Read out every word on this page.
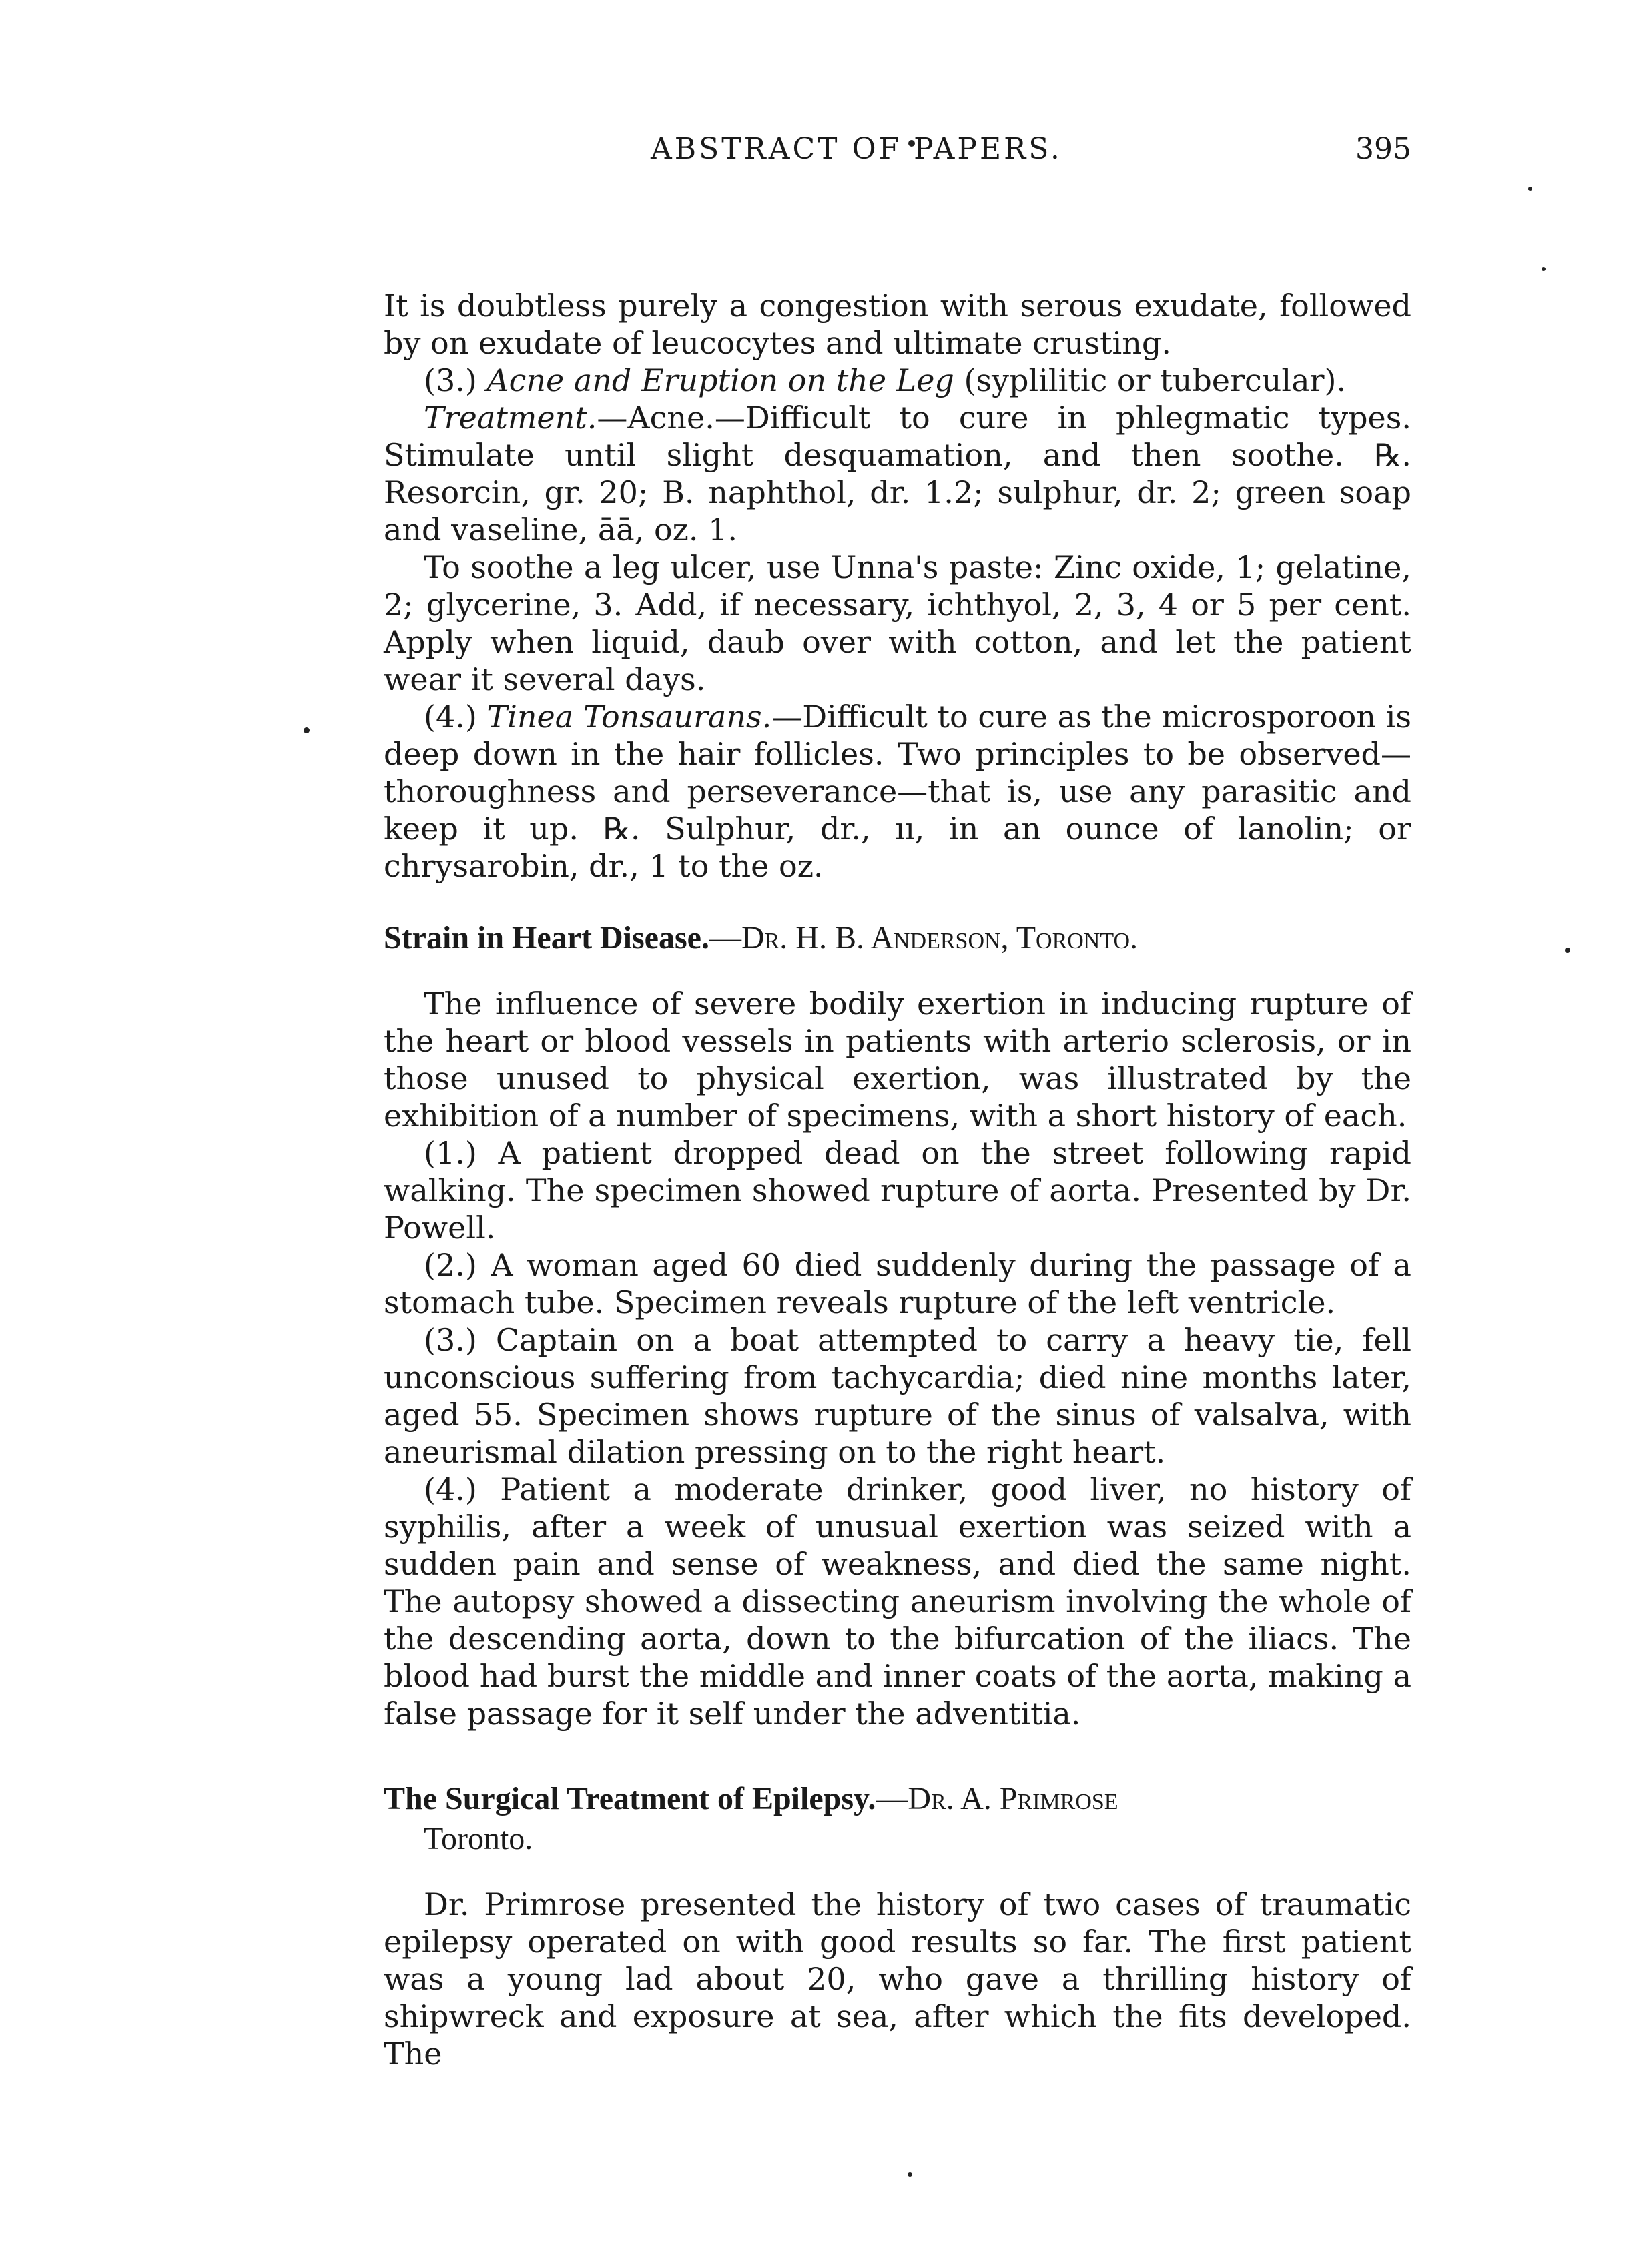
ABSTRACT OF PAPERS.	395

It is doubtless purely a congestion with serous exudate, followed by on exudate of leucocytes and ultimate crusting.

(3.) Acne and Eruption on the Leg (syplilitic or tubercular).

Treatment.—Acne.—Difficult to cure in phlegmatic types. Stimulate until slight desquamation, and then soothe. ℞. Resorcin, gr. 20; B. naphthol, dr. 1.2; sulphur, dr. 2; green soap and vaseline, āā, oz. 1.

To soothe a leg ulcer, use Unna's paste: Zinc oxide, 1; gelatine, 2; glycerine, 3. Add, if necessary, ichthyol, 2, 3, 4 or 5 per cent. Apply when liquid, daub over with cotton, and let the patient wear it several days.

(4.) Tinea Tonsaurans.—Difficult to cure as the microsporoon is deep down in the hair follicles. Two principles to be observed—thoroughness and perseverance—that is, use any parasitic and keep it up. ℞. Sulphur, dr., ıı, in an ounce of lanolin; or chrysarobin, dr., 1 to the oz.

Strain in Heart Disease.—Dr. H. B. Anderson, Toronto.

The influence of severe bodily exertion in inducing rupture of the heart or blood vessels in patients with arterio sclerosis, or in those unused to physical exertion, was illustrated by the exhibition of a number of specimens, with a short history of each.

(1.) A patient dropped dead on the street following rapid walking. The specimen showed rupture of aorta. Presented by Dr. Powell.

(2.) A woman aged 60 died suddenly during the passage of a stomach tube. Specimen reveals rupture of the left ventricle.

(3.) Captain on a boat attempted to carry a heavy tie, fell unconscious suffering from tachycardia; died nine months later, aged 55. Specimen shows rupture of the sinus of valsalva, with aneurismal dilation pressing on to the right heart.

(4.) Patient a moderate drinker, good liver, no history of syphilis, after a week of unusual exertion was seized with a sudden pain and sense of weakness, and died the same night. The autopsy showed a dissecting aneurism involving the whole of the descending aorta, down to the bifurcation of the iliacs. The blood had burst the middle and inner coats of the aorta, making a false passage for it self under the adventitia.

The Surgical Treatment of Epilepsy.—Dr. A. Primrose

Toronto.

Dr. Primrose presented the history of two cases of traumatic epilepsy operated on with good results so far. The first patient was a young lad about 20, who gave a thrilling history of shipwreck and exposure at sea, after which the fits developed. The
